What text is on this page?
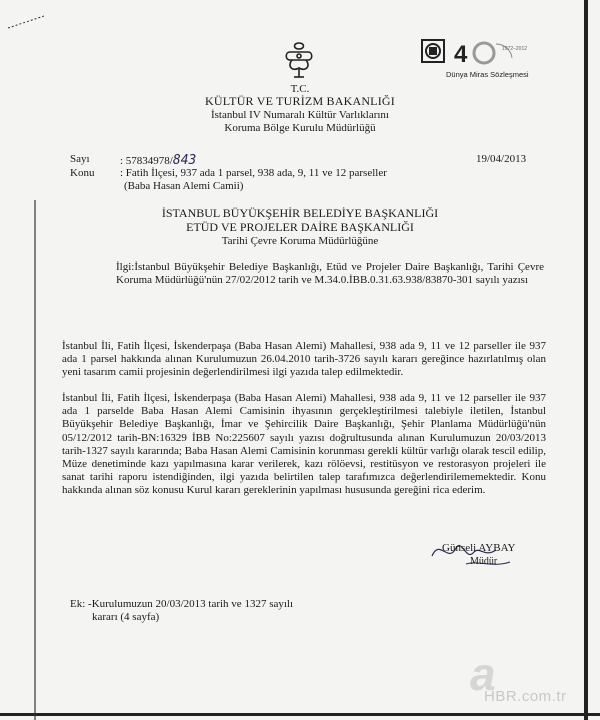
4	1972–2012
Dünya Miras Sözleşmesi
T.C.
KÜLTÜR VE TURİZM BAKANLIĞI
İstanbul IV Numaralı Kültür Varlıklarını
Koruma Bölge Kurulu Müdürlüğü
Sayı	: 57834978/843	19/04/2013
Konu : Fatih İlçesi, 937 ada 1 parsel, 938 ada, 9, 11 ve 12 parseller
(Baba Hasan Alemi Camii)
İSTANBUL BÜYÜKŞEHİR BELEDİYE BAŞKANLIĞI
ETÜD VE PROJELER DAİRE BAŞKANLIĞI
Tarihi Çevre Koruma Müdürlüğüne

İlgi:İstanbul Büyükşehir Belediye Başkanlığı, Etüd ve Projeler Daire Başkanlığı, Tarihi Çevre Koruma Müdürlüğü'nün 27/02/2012 tarih ve M.34.0.İBB.0.31.63.938/83870-301 sayılı yazısı

İstanbul İli, Fatih İlçesi, İskenderpaşa (Baba Hasan Alemi) Mahallesi, 938 ada 9, 11 ve 12 parseller ile 937 ada 1 parsel hakkında alınan Kurulumuzun 26.04.2010 tarih-3726 sayılı kararı gereğince hazırlatılmış olan yeni tasarım camii projesinin değerlendirilmesi ilgi yazıda talep edilmektedir.

İstanbul İli, Fatih İlçesi, İskenderpaşa (Baba Hasan Alemi) Mahallesi, 938 ada 9, 11 ve 12 parseller ile 937 ada 1 parselde Baba Hasan Alemi Camisinin ihyasının gerçekleştirilmesi talebiyle iletilen, İstanbul Büyükşehir Belediye Başkanlığı, İmar ve Şehircilik Daire Başkanlığı, Şehir Planlama Müdürlüğü'nün 05/12/2012 tarih-BN:16329 İBB No:225607 sayılı yazısı doğrultusunda alınan Kurulumuzun 20/03/2013 tarih-1327 sayılı kararında; Baba Hasan Alemi Camisinin korunması gerekli kültür varlığı olarak tescil edilip, Müze denetiminde kazı yapılmasına karar verilerek, kazı rölöevsi, restitüsyon ve restorasyon projeleri ile sanat tarihi raporu istendiğinden, ilgi yazıda belirtilen talep tarafımızca değerlendirilememektedir. Konu hakkında alınan söz konusu Kurul kararı gereklerinin yapılması hususunda gereğini rica ederim.

Günseli AYBAY
Müdür
Ek: -Kurulumuzun 20/03/2013 tarih ve 1327 sayılı
kararı (4 sayfa)
a
HBR.com.tr
